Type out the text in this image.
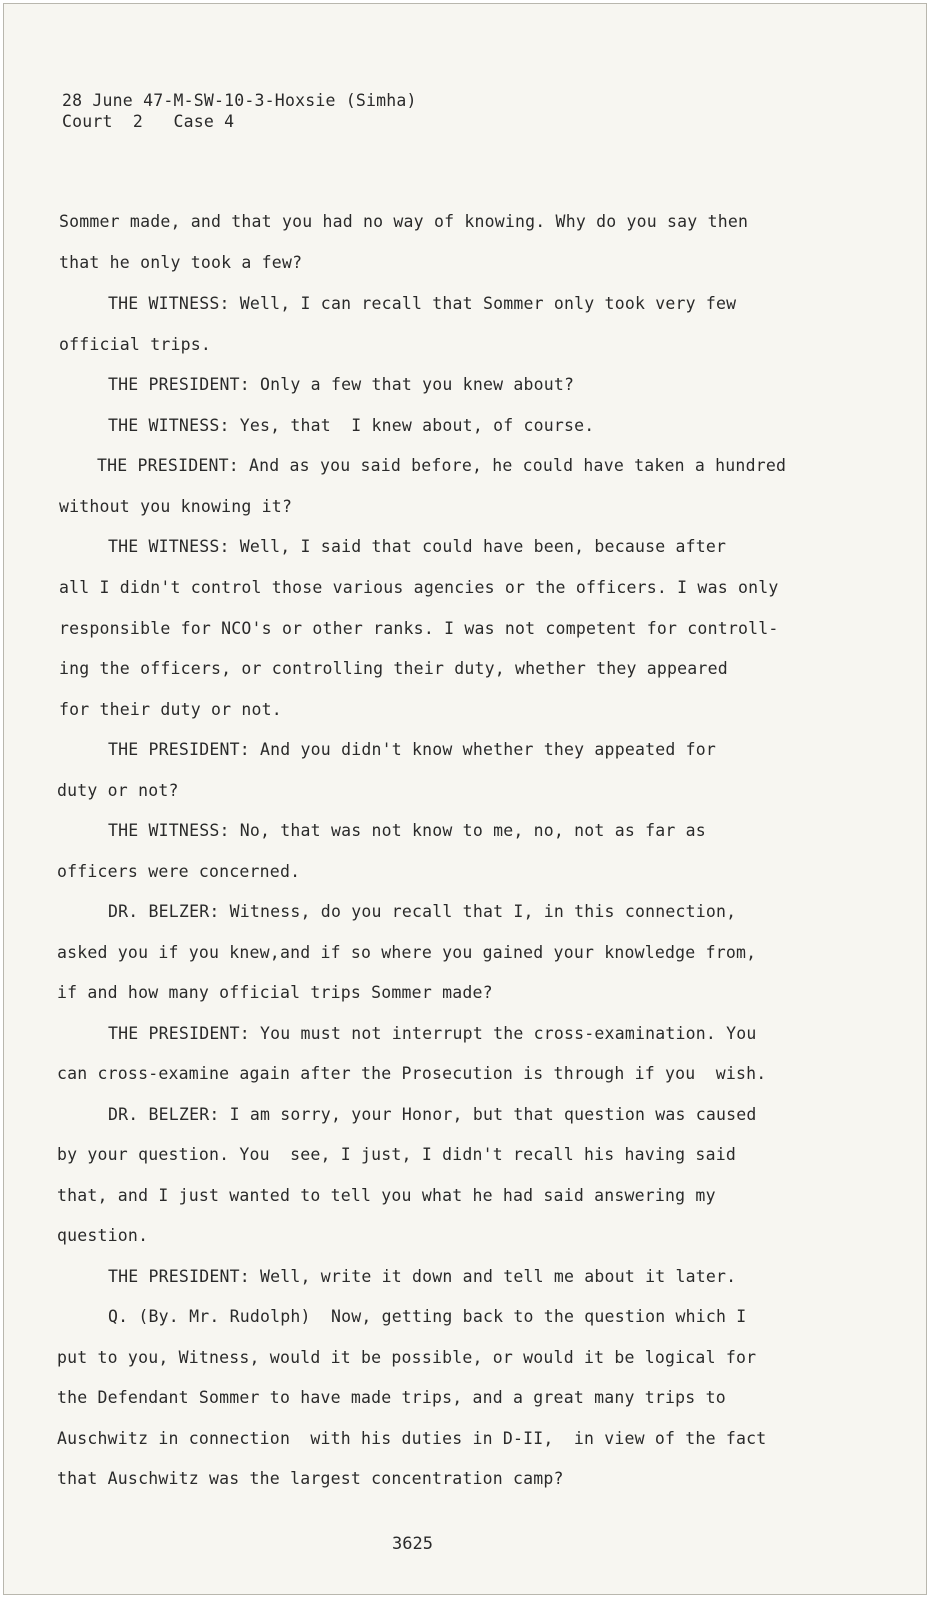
28 June 47-M-SW-10-3-Hoxsie (Simha)
Court  2   Case 4
Sommer made, and that you had no way of knowing. Why do you say then
that he only took a few?
THE WITNESS: Well, I can recall that Sommer only took very few
official trips.
THE PRESIDENT: Only a few that you knew about?
THE WITNESS: Yes, that  I knew about, of course.
THE PRESIDENT: And as you said before, he could have taken a hundred
without you knowing it?
THE WITNESS: Well, I said that could have been, because after
all I didn't control those various agencies or the officers. I was only
responsible for NCO's or other ranks. I was not competent for controll-
ing the officers, or controlling their duty, whether they appeared
for their duty or not.
THE PRESIDENT: And you didn't know whether they appeated for
duty or not?
THE WITNESS: No, that was not know to me, no, not as far as
officers were concerned.
DR. BELZER: Witness, do you recall that I, in this connection,
asked you if you knew,and if so where you gained your knowledge from,
if and how many official trips Sommer made?
THE PRESIDENT: You must not interrupt the cross-examination. You
can cross-examine again after the Prosecution is through if you  wish.
DR. BELZER: I am sorry, your Honor, but that question was caused
by your question. You  see, I just, I didn't recall his having said
that, and I just wanted to tell you what he had said answering my
question.
THE PRESIDENT: Well, write it down and tell me about it later.
Q. (By. Mr. Rudolph)  Now, getting back to the question which I
put to you, Witness, would it be possible, or would it be logical for
the Defendant Sommer to have made trips, and a great many trips to
Auschwitz in connection  with his duties in D-II,  in view of the fact
that Auschwitz was the largest concentration camp?
3625
